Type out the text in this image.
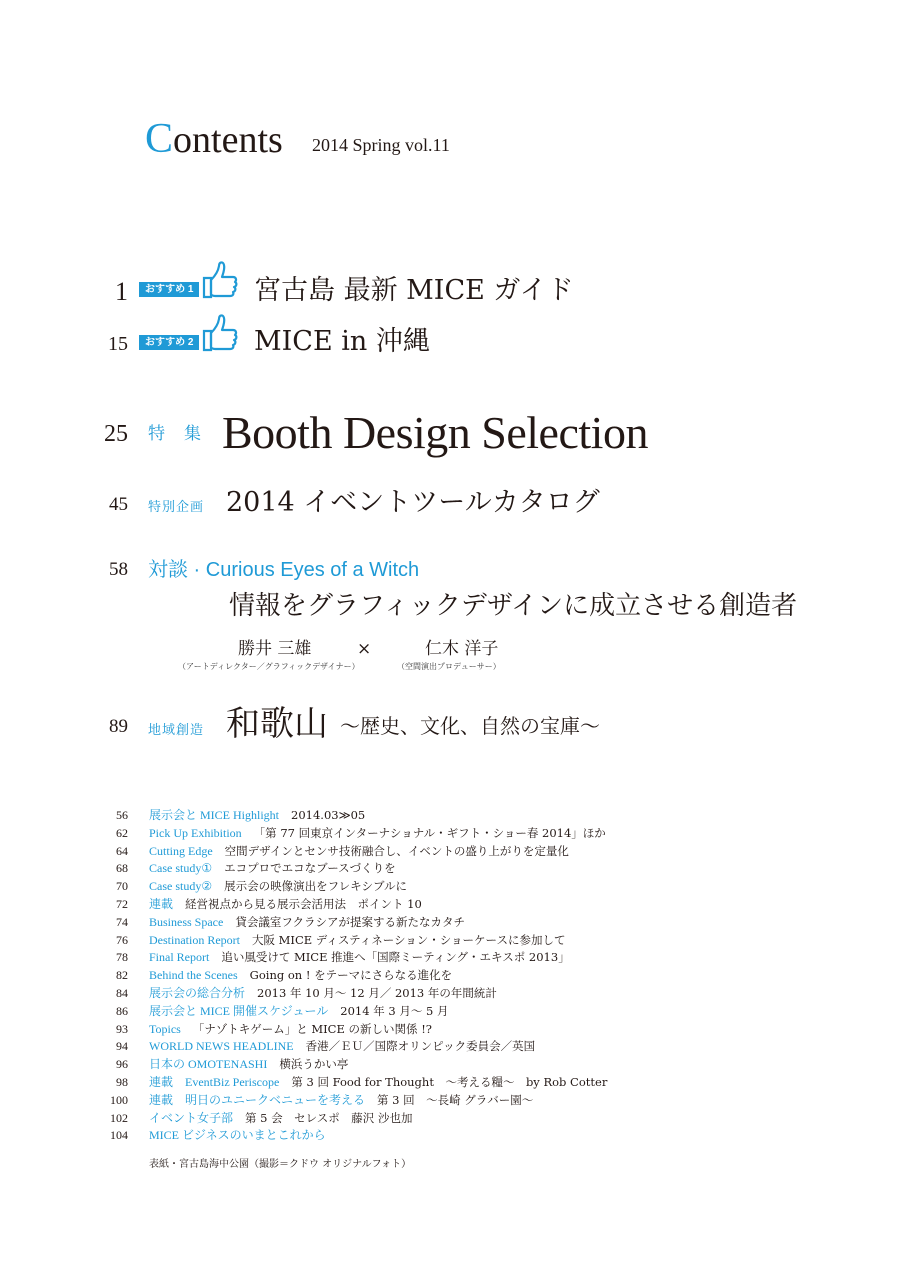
Contents 2014 Spring vol.11
1	おすすめ 1 宮古島 最新 MICE ガイド
15	おすすめ 2 MICE in 沖縄
25 特　集 Booth Design Selection
45 特別企画 2014 イベントツールカタログ
58 対談 · Curious Eyes of a Witch
情報をグラフィックデザインに成立させる創造者
勝井 三雄	×	仁木 洋子
（アートディレクター／グラフィックデザイナー）	（空間演出プロデューサー）
89 地域創造 和歌山 ～歴史、文化、自然の宝庫～
56 展示会と MICE Highlight 2014.03≫05
62 Pick Up Exhibition 「第 77 回東京インターナショナル・ギフト・ショー春 2014」ほか
64 Cutting Edge 空間デザインとセンサ技術融合し、イベントの盛り上がりを定量化
68 Case study① エコプロでエコなブースづくりを
70 Case study② 展示会の映像演出をフレキシブルに
72 連載 経営視点から見る展示会活用法　ポイント 10
74 Business Space 貸会議室フクラシアが提案する新たなカタチ
76 Destination Report 大阪 MICE ディスティネーション・ショーケースに参加して
78 Final Report 追い風受けて MICE 推進へ「国際ミーティング・エキスポ 2013」
82 Behind the Scenes Going on ! をテーマにさらなる進化を
84 展示会の総合分析 2013 年 10 月～ 12 月／ 2013 年の年間統計
86 展示会と MICE 開催スケジュール 2014 年 3 月～ 5 月
93 Topics 「ナゾトキゲーム」と MICE の新しい関係 !?
94 WORLD NEWS HEADLINE 香港／ＥＵ／国際オリンピック委員会／英国
96 日本の OMOTENASHI 横浜うかい亭
98 連載　EventBiz Periscope 第 3 回 Food for Thought　～考える糧～　by Rob Cotter
100 連載　明日のユニークベニューを考える 第 3 回　～長崎 グラバー園～
102 イベント女子部 第 5 会　セレスポ　藤沢 沙也加
104 MICE ビジネスのいまとこれから
表紙・宮古島海中公園（撮影＝クドウ オリジナルフォト）
